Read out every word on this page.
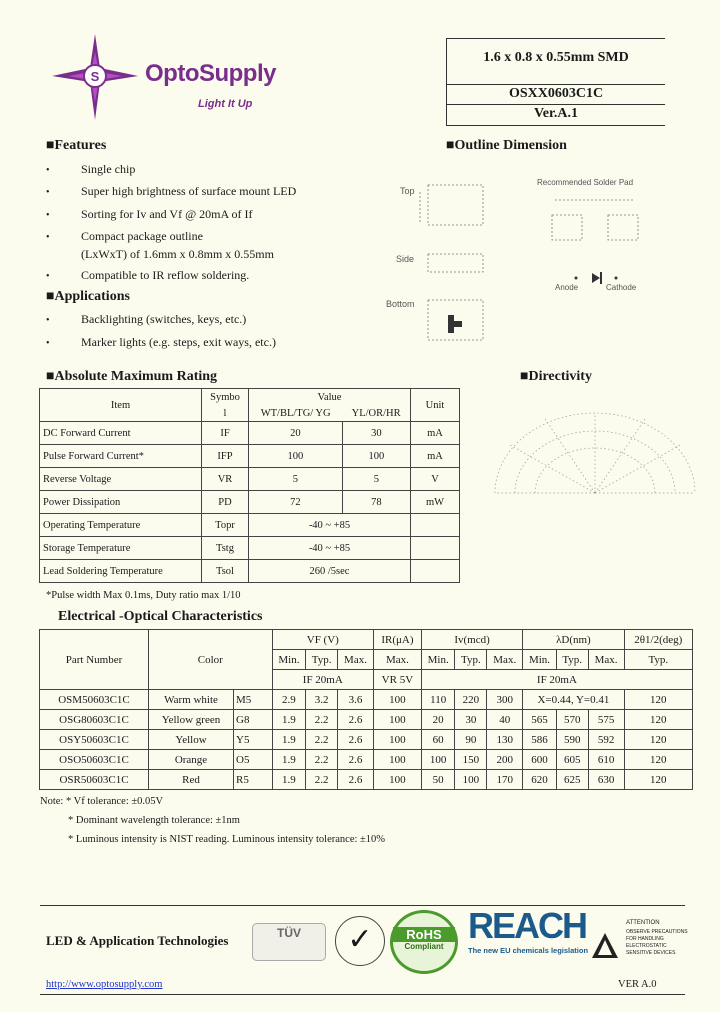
S OptoSupply
Light It Up
1.6 x 0.8 x 0.55mm SMD
OSXX0603C1C
Ver.A.1
■Features
•	Single chip
•	Super high brightness of surface mount LED
•	Sorting for Iv and Vf @ 20mA of If
•	Compact package outline
(LxWxT) of 1.6mm x 0.8mm x 0.55mm
•	Compatible to IR reflow soldering.
■Applications
•	Backlighting (switches, keys, etc.)
•	Marker lights (e.g. steps, exit ways, etc.)
■Outline Dimension
Top
Side
Bottom
Recommended Solder Pad
Anode	Cathode
■Directivity
■Absolute Maximum Rating
Item	Symbo	Value		Unit
	l	WT/BL/TG/ YG	YL/OR/HR	
DC Forward Current	IF	20	30	mA
Pulse Forward Current*	IFP	100	100	mA
Reverse Voltage	VR	5	5	V
Power Dissipation	PD	72	78	mW
Operating Temperature	Topr	-40 ~ +85		
Storage Temperature	Tstg	-40 ~ +85		
Lead Soldering Temperature	Tsol	260 /5sec		
*Pulse width Max 0.1ms, Duty ratio max 1/10
Electrical -Optical Characteristics
Part Number	Color		VF (V)			IR(μA)	Iv(mcd)			λD(nm)			2θ1/2(deg)
			Min.	Typ.	Max.	Max.	Min.	Typ.	Max.	Min.	Typ.	Max.	Typ.
			IF 20mA			VR 5V	IF 20mA						
OSM50603C1C	Warm white	M5	2.9	3.2	3.6	100	110	220	300	X=0.44, Y=0.41			120
OSG80603C1C	Yellow green	G8	1.9	2.2	2.6	100	20	30	40	565	570	575	120
OSY50603C1C	Yellow	Y5	1.9	2.2	2.6	100	60	90	130	586	590	592	120
OSO50603C1C	Orange	O5	1.9	2.2	2.6	100	100	150	200	600	605	610	120
OSR50603C1C	Red	R5	1.9	2.2	2.6	100	50	100	170	620	625	630	120
Note: * Vf tolerance: ±0.05V
* Dominant wavelength tolerance: ±1nm
* Luminous intensity is NIST reading. Luminous intensity tolerance: ±10%
LED & Application Technologies	TÜV	✓	RoHS
Compliant
REACH
The new EU chemicals legislation
ATTENTION
OBSERVE PRECAUTIONS
FOR HANDLING
ELECTROSTATIC
SENSITIVE DEVICES
http://www.optosupply.com	VER A.0
